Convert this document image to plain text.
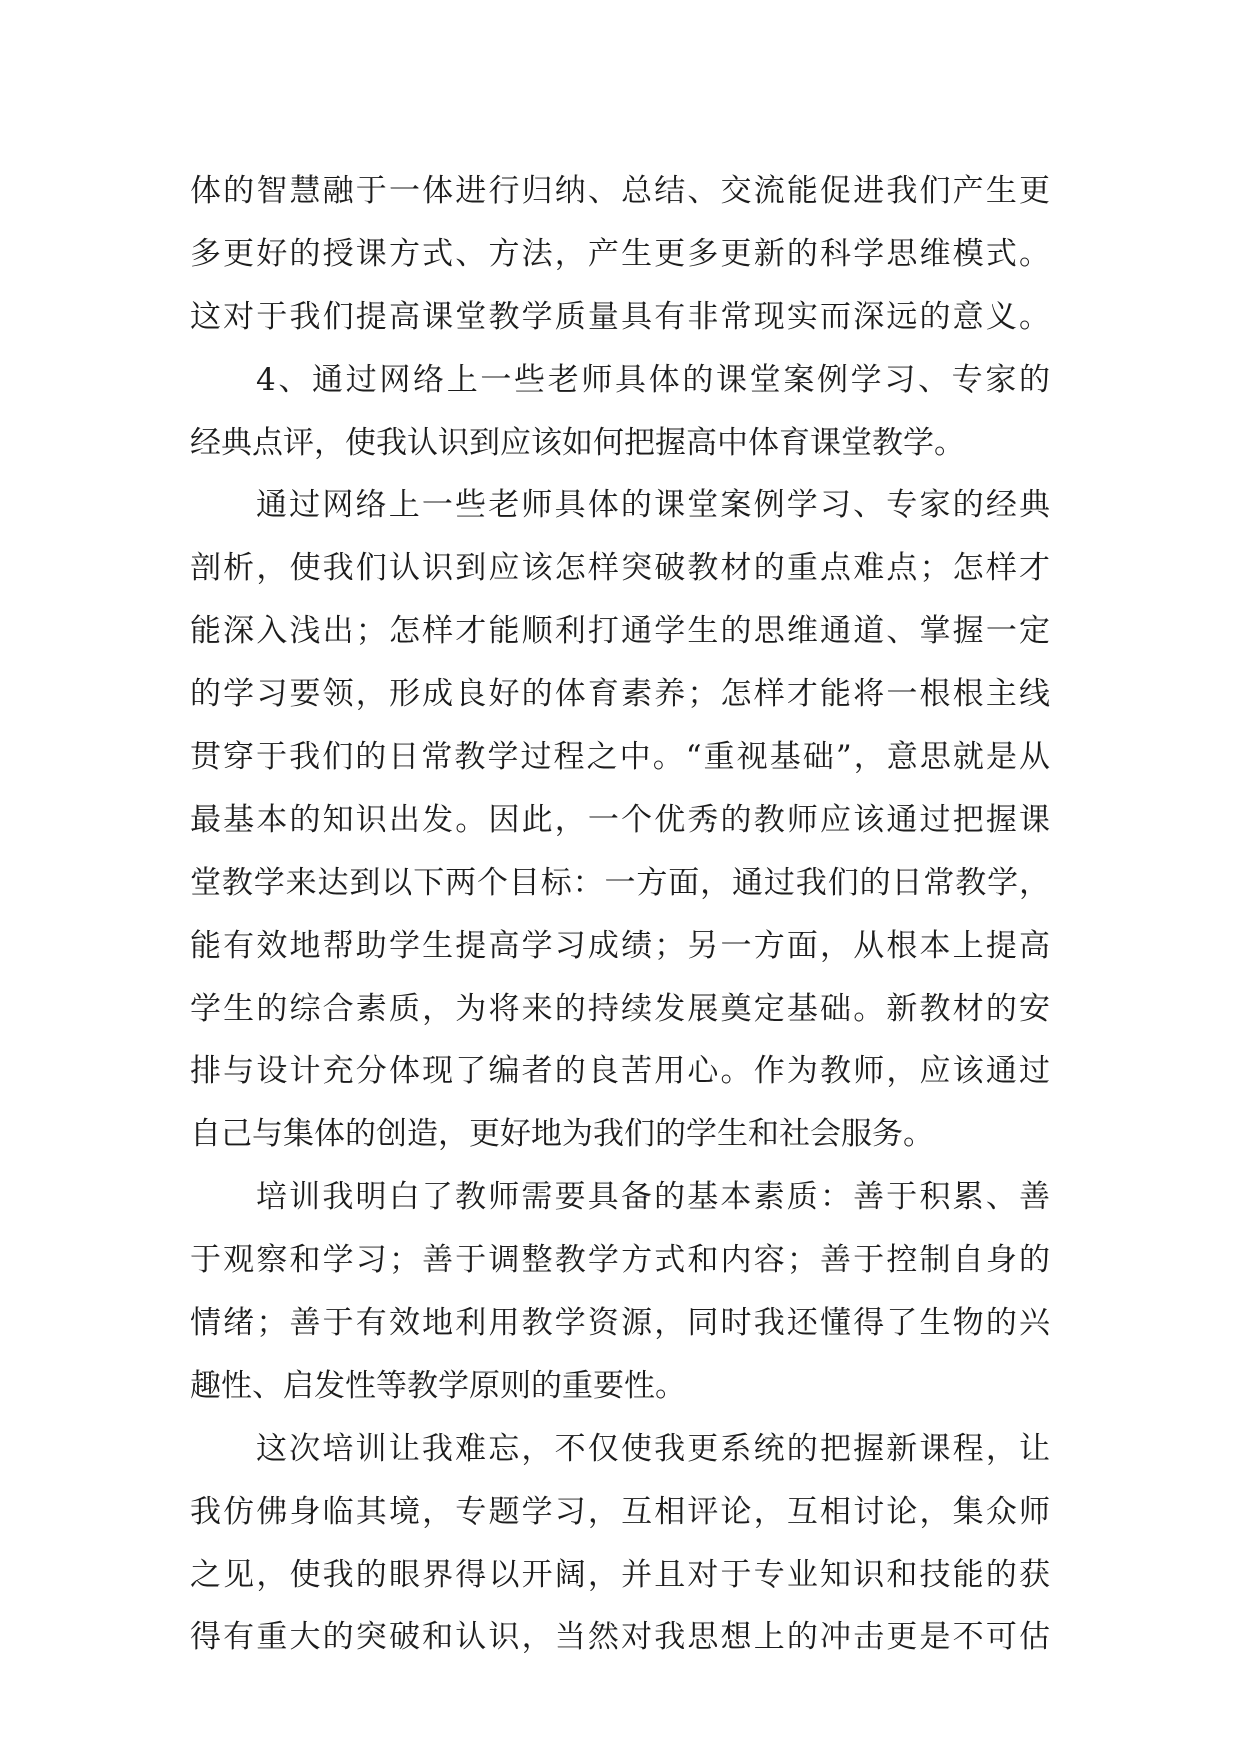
体的智慧融于一体进行归纳、总结、交流能促进我们产生更
多更好的授课方式、方法，产生更多更新的科学思维模式。
这对于我们提高课堂教学质量具有非常现实而深远的意义。
4、通过网络上一些老师具体的课堂案例学习、专家的
经典点评，使我认识到应该如何把握高中体育课堂教学。
通过网络上一些老师具体的课堂案例学习、专家的经典
剖析，使我们认识到应该怎样突破教材的重点难点；怎样才
能深入浅出；怎样才能顺利打通学生的思维通道、掌握一定
的学习要领，形成良好的体育素养；怎样才能将一根根主线
贯穿于我们的日常教学过程之中。“重视基础”，意思就是从
最基本的知识出发。因此，一个优秀的教师应该通过把握课
堂教学来达到以下两个目标：一方面，通过我们的日常教学，
能有效地帮助学生提高学习成绩；另一方面，从根本上提高
学生的综合素质，为将来的持续发展奠定基础。新教材的安
排与设计充分体现了编者的良苦用心。作为教师，应该通过
自己与集体的创造，更好地为我们的学生和社会服务。
培训我明白了教师需要具备的基本素质：善于积累、善
于观察和学习；善于调整教学方式和内容；善于控制自身的
情绪；善于有效地利用教学资源，同时我还懂得了生物的兴
趣性、启发性等教学原则的重要性。
这次培训让我难忘，不仅使我更系统的把握新课程，让
我仿佛身临其境，专题学习，互相评论，互相讨论，集众师
之见，使我的眼界得以开阔，并且对于专业知识和技能的获
得有重大的突破和认识，当然对我思想上的冲击更是不可估
